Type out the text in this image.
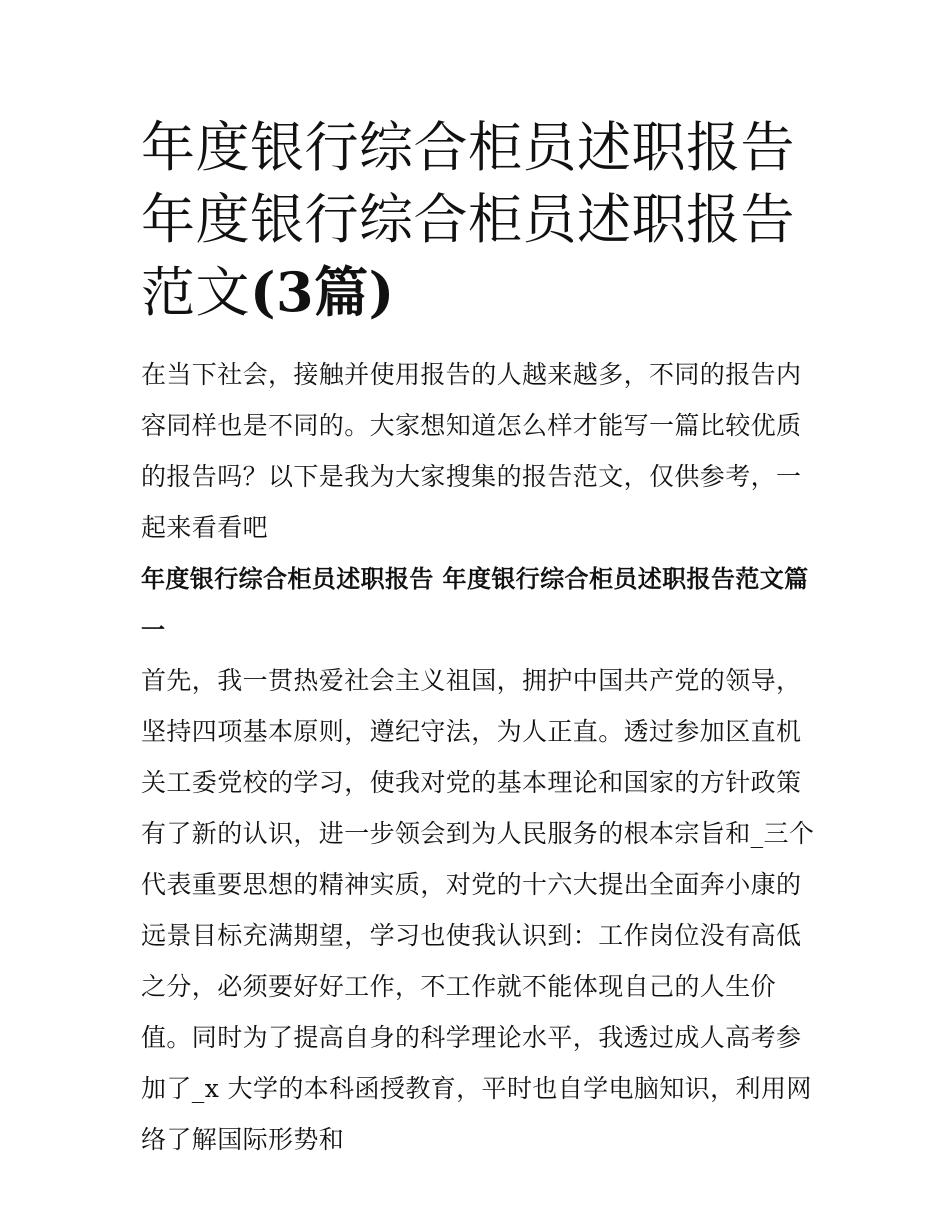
年度银行综合柜员述职报告 年度银行综合柜员述职报告范文(3篇)

在当下社会，接触并使用报告的人越来越多，不同的报告内容同样也是不同的。大家想知道怎么样才能写一篇比较优质的报告吗？以下是我为大家搜集的报告范文，仅供参考，一起来看看吧

年度银行综合柜员述职报告 年度银行综合柜员述职报告范文篇一

首先，我一贯热爱社会主义祖国，拥护中国共产党的领导，坚持四项基本原则，遵纪守法，为人正直。透过参加区直机关工委党校的学习，使我对党的基本理论和国家的方针政策有了新的认识，进一步领会到为人民服务的根本宗旨和_三个代表重要思想的精神实质，对党的十六大提出全面奔小康的远景目标充满期望，学习也使我认识到：工作岗位没有高低之分，必须要好好工作，不工作就不能体现自己的人生价值。同时为了提高自身的科学理论水平，我透过成人高考参加了_x 大学的本科函授教育，平时也自学电脑知识，利用网络了解国际形势和
